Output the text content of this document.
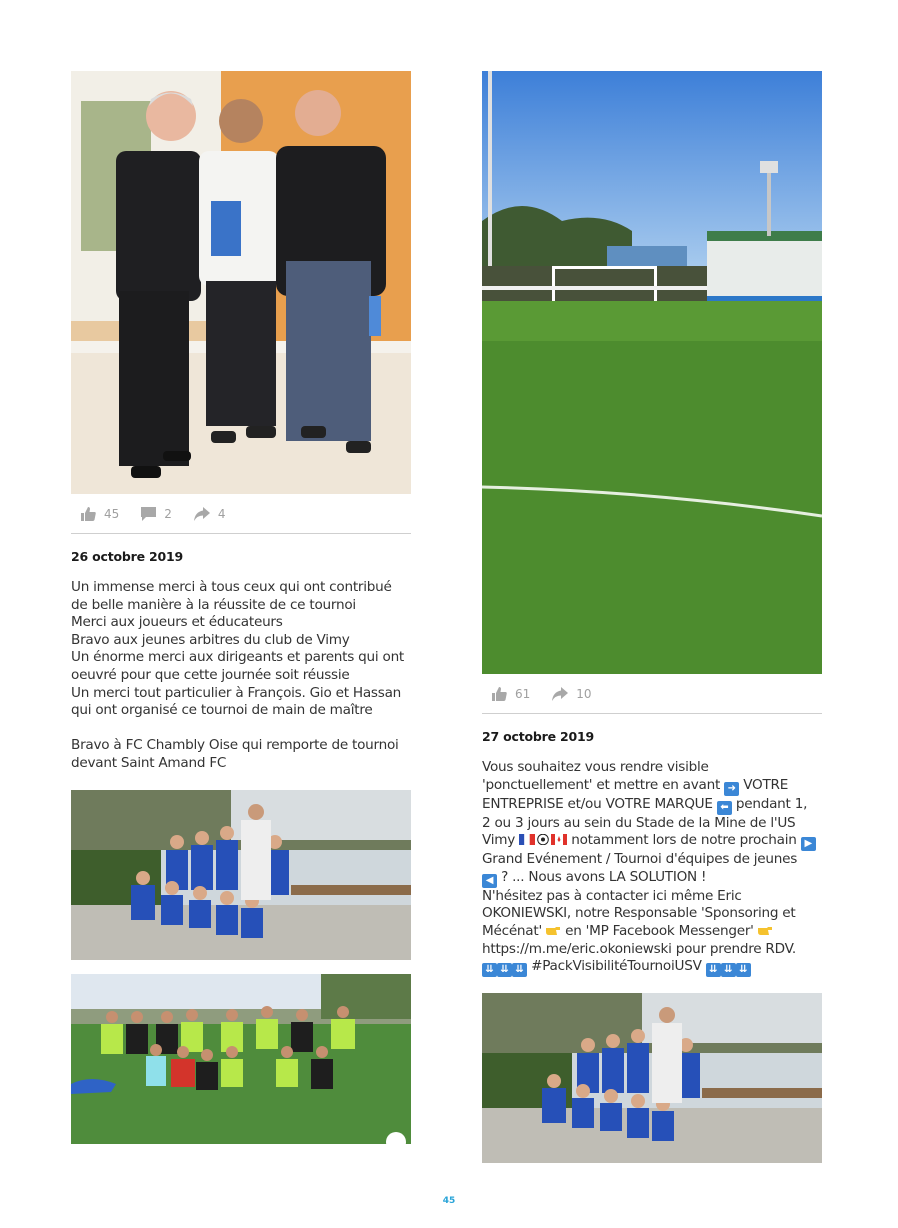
45	2	4
26 octobre 2019
Un immense merci à tous ceux qui ont contribué
de belle manière à la réussite de ce tournoi
Merci aux joueurs et éducateurs
Bravo aux jeunes arbitres du club de Vimy
Un énorme merci aux dirigeants et parents qui ont
oeuvré pour que cette journée soit réussie
Un merci tout particulier à François. Gio et Hassan
qui ont organisé ce tournoi de main de maître
Bravo à FC Chambly Oise qui remporte de tournoi
devant Saint Amand FC
61	10
27 octobre 2019
Vous souhaitez vous rendre visible
'ponctuellement' et mettre en avant ➜ VOTRE
ENTREPRISE et/ou VOTRE MARQUE ⬅ pendant 1,
2 ou 3 jours au sein du Stade de la Mine de l'US
Vimy	notamment lors de notre prochain ▶
Grand Evénement / Tournoi d'équipes de jeunes
◀ ? ... Nous avons LA SOLUTION !
N'hésitez pas à contacter ici même Eric
OKONIEWSKI, notre Responsable 'Sponsoring et
Mécénat' en 'MP Facebook Messenger'
https://m.me/eric.okoniewski pour prendre RDV.
⇊ ⇊ ⇊ #PackVisibilitéTournoiUSV ⇊ ⇊ ⇊
45
